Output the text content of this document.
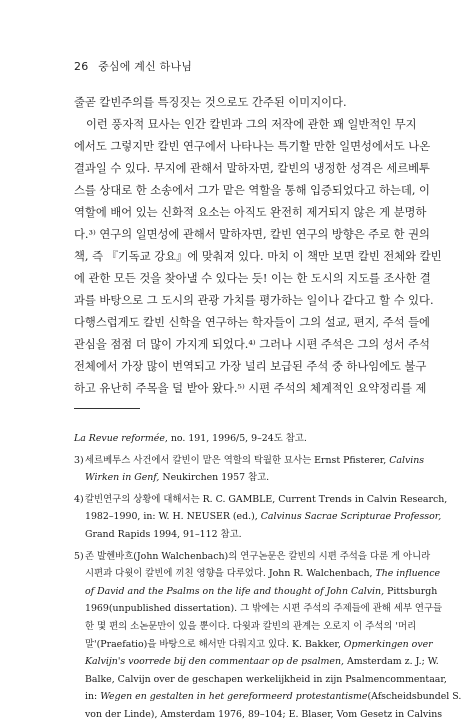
26 중심에 계신 하나님
줄곧 칼빈주의를 특징짓는 것으로도 간주된 이미지이다.
이런 풍자적 묘사는 인간 칼빈과 그의 저작에 관한 꽤 일반적인 무지
에서도 그렇지만 칼빈 연구에서 나타나는 특기할 만한 일면성에서도 나온
결과일 수 있다. 무지에 관해서 말하자면, 칼빈의 냉정한 성격은 세르베투
스를 상대로 한 소송에서 그가 맡은 역할을 통해 입증되었다고 하는데, 이
역할에 배어 있는 신화적 요소는 아직도 완전히 제거되지 않은 게 분명하
다.³⁾ 연구의 일면성에 관해서 말하자면, 칼빈 연구의 방향은 주로 한 권의
책, 즉 『기독교 강요』에 맞춰져 있다. 마치 이 책만 보면 칼빈 전체와 칼빈
에 관한 모든 것을 찾아낼 수 있다는 듯! 이는 한 도시의 지도를 조사한 결
과를 바탕으로 그 도시의 관광 가치를 평가하는 일이나 같다고 할 수 있다.
다행스럽게도 칼빈 신학을 연구하는 학자들이 그의 설교, 편지, 주석 들에
관심을 점점 더 많이 가지게 되었다.⁴⁾ 그러나 시편 주석은 그의 성서 주석
전체에서 가장 많이 번역되고 가장 널리 보급된 주석 중 하나임에도 불구
하고 유난히 주목을 덜 받아 왔다.⁵⁾ 시편 주석의 체계적인 요약정리를 제
La Revue reformée, no. 191, 1996/5, 9–24도 참고.
3)세르베투스 사건에서 칼빈이 맡은 역할의 탁월한 묘사는 Ernst Pfisterer, Calvins
Wirken in Genf, Neukirchen 1957 참고.
4)칼빈연구의 상황에 대해서는 R. C. GAMBLE, Current Trends in Calvin Research,
1982–1990, in: W. H. NEUSER (ed.), Calvinus Sacrae Scripturae Professor,
Grand Rapids 1994, 91–112 참고.
5)존 발헨바흐(John Walchenbach)의 연구논문은 칼빈의 시편 주석을 다룬 게 아니라
시편과 다윗이 칼빈에 끼친 영향을 다루었다. John R. Walchenbach, The influence
of David and the Psalms on the life and thought of John Calvin, Pittsburgh
1969(unpublished dissertation). 그 밖에는 시편 주석의 주제들에 관해 세부 연구들
한 몇 편의 소논문만이 있을 뿐이다. 다윗과 칼빈의 관계는 오로지 이 주석의 '머리
말'(Praefatio)을 바탕으로 해서만 다뤄지고 있다. K. Bakker, Opmerkingen over
Kalvijn's voorrede bij den commentaar op de psalmen, Amsterdam z. J.; W.
Balke, Calvijn over de geschapen werkelijkheid in zijn Psalmencommentaar,
in: Wegen en gestalten in het gereformeerd protestantisme(Afscheidsbundel S.
von der Linde), Amsterdam 1976, 89–104; E. Blaser, Vom Gesetz in Calvins
